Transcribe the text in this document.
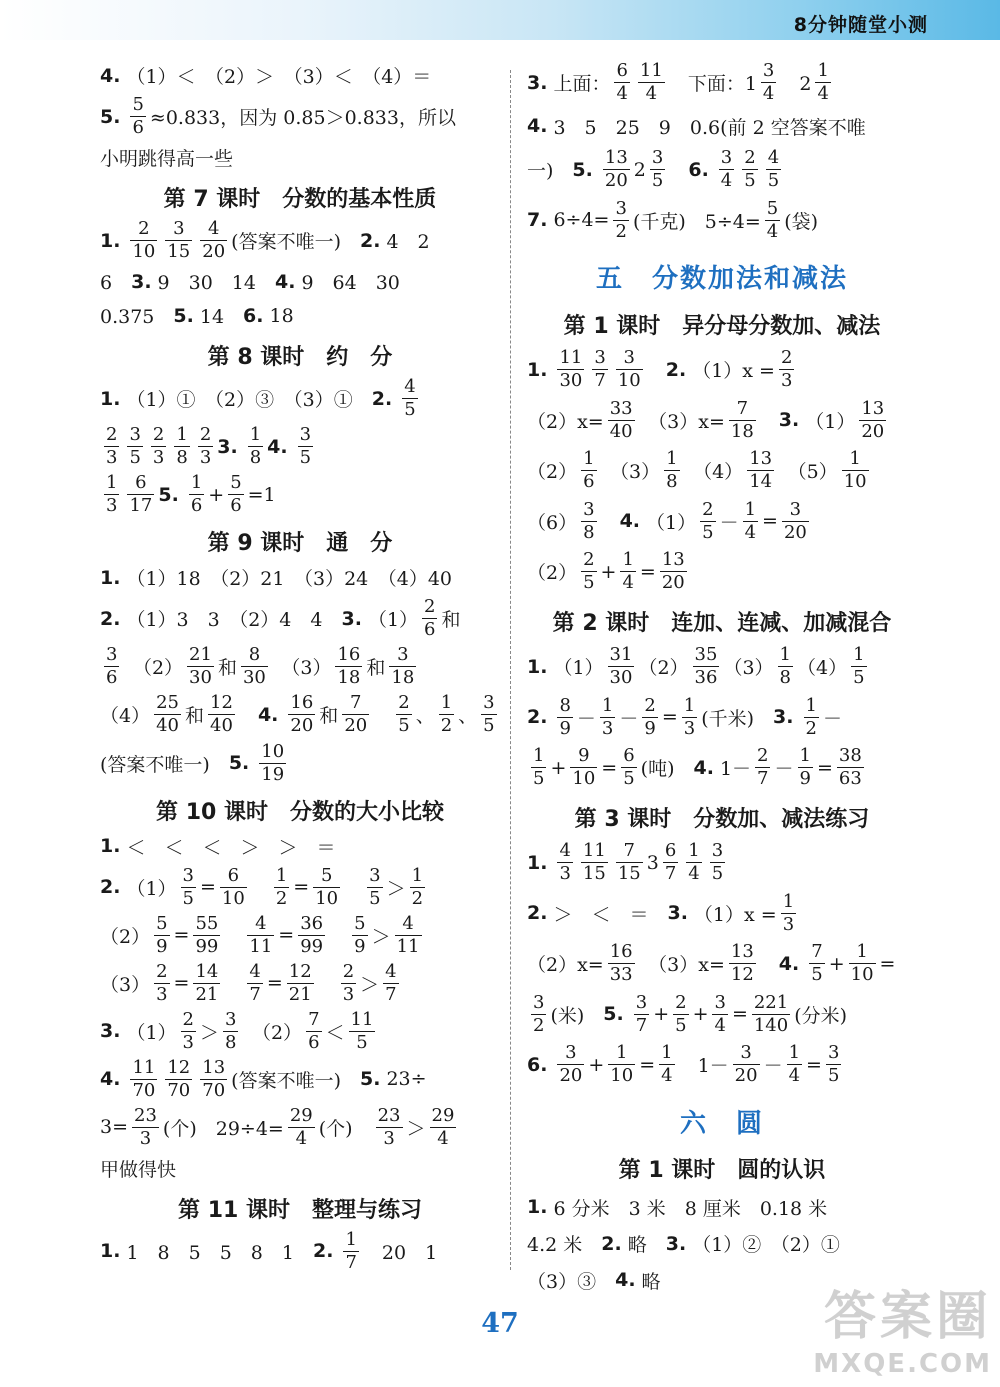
8分钟随堂小测
4. （1）＜　（2）＞　（3）＜　（4）＝
5. $\frac{5}{6} \approx 0.833$，因为 0.85＞0.833，所以
小明跳得高一些
第 7 课时　分数的基本性质
1. $\frac{2}{10} \frac{3}{15} \frac{4}{20}$ (答案不唯一)　 2. 4　2
6　 3. 9　30　14　 4. 9　64　30
0.375　 5. 14　 6. 18
第 8 课时　约　分
1. （1）①　（2）③　（3）①　 2. $\frac{4}{5}$
$\frac{2}{3} \frac{3}{5} \frac{2}{3} \frac{1}{8} \frac{2}{3} 3$. $\frac{1}{8} 4$. $\frac{3}{5}$
$\frac{1}{3} \frac{6}{17} 5$. $\frac{1}{6} + \frac{5}{6} =1$
第 9 课时　通　分
1. （1）18　（2）21　（3）24　（4）40
2. （1）3　3　（2）4　4　 3. $(1) \frac{2}{6}$ 和
$\frac{3}{6}$ 　$(2) \frac{21}{30}$ 和 $\frac{8}{30}$ 　$(3) \frac{16}{18}$ 和 $\frac{3}{18}$
$(4) \frac{25}{40}$ 和 $\frac{12}{40}$
　 4. $\frac{16}{20}$ 和 $\frac{7}{20}$
　 $\frac{2}{5}$ 、 $\frac{1}{2}$ 、 $\frac{3}{5}$
(答案不唯一)　 5. $\frac{10}{19}$
第 10 课时　分数的大小比较
1. ＜　＜　＜　＞　＞　＝
2. $(1) \frac{3}{5} = \frac{6}{10}$
　 $\frac{1}{2} = \frac{5}{10}$
　 $\frac{3}{5} > \frac{1}{2}$
$(2) \frac{5}{9} = \frac{55}{99}$
　 $\frac{4}{11} = \frac{36}{99}$
　 $\frac{5}{9} > \frac{4}{11}$
$(3) \frac{2}{3} = \frac{14}{21}$
　 $\frac{4}{7} = \frac{12}{21}$
　 $\frac{2}{3} > \frac{4}{7}$
3. $(1) \frac{2}{3} > \frac{3}{8}$ 　$(2) \frac{7}{6} < \frac{11}{5}$
4. $\frac{11}{70} \frac{12}{70} \frac{13}{70}$ (答案不唯一)　 5. 23÷
$3= \frac{23}{3}$ (个)　$29\div 4= \frac{29}{4}$ (个)　 $\frac{23}{3} > \frac{29}{4}$
甲做得快
第 11 课时　整理与练习
1. 1　8　5　5　8　1　 2. $\frac{1}{7}$ 　20　1
3. 上面： $\frac{6}{4} \frac{11}{4}$ 　下面：$1 \frac{3}{4}$ 　$2 \frac{1}{4}$
4. 3　5　25　9　0.6(前 2 空答案不唯
一)　 5. $\frac{13}{20} 2 \frac{3}{5}$
　 6. $\frac{3}{4} \frac{2}{5} \frac{4}{5}$
7. $6\div 4= \frac{3}{2}$ (千克)　$5\div 4= \frac{5}{4}$ (袋)
五　分数加法和减法
第 1 课时　异分母分数加、减法
1. $\frac{11}{30} \frac{3}{7} \frac{3}{10}$
　 2. $(1)x = \frac{2}{3}$
$(2)x= \frac{33}{40}$ 　$(3)x= \frac{7}{18}$
　 3. $(1) \frac{13}{20}$
$(2) \frac{1}{6}$ 　$(3) \frac{1}{8}$ 　$(4) \frac{13}{14}$ 　$(5) \frac{1}{10}$
$(6) \frac{3}{8}$
　 4. $(1) \frac{2}{5} - \frac{1}{4} = \frac{3}{20}$
$(2) \frac{2}{5} + \frac{1}{4} = \frac{13}{20}$
第 2 课时　连加、连减、加减混合
1. $(1) \frac{31}{30} (2) \frac{35}{36} (3) \frac{1}{8} (4) \frac{1}{5}$
2. $\frac{8}{9} - \frac{1}{3} - \frac{2}{9} = \frac{1}{3}$ (千米)　 3. $\frac{1}{2}$ －
$\frac{1}{5} + \frac{9}{10} = \frac{6}{5}$ (吨)　 4. $1- \frac{2}{7} - \frac{1}{9} = \frac{38}{63}$
第 3 课时　分数加、减法练习
1. $\frac{4}{3} \frac{11}{15} \frac{7}{15} 3 \frac{6}{7} \frac{1}{4} \frac{3}{5}$
2. ＞　＜　＝　 3. $(1)x = \frac{1}{3}$
$(2)x= \frac{16}{33}$ 　$(3)x= \frac{13}{12}$
　 4. $\frac{7}{5} + \frac{1}{10}$ =
$\frac{3}{2}$ (米)　 5. $\frac{3}{7} + \frac{2}{5} + \frac{3}{4} = \frac{221}{140}$ (分米)
6. $\frac{3}{20} + \frac{1}{10} = \frac{1}{4}$ 　$1- \frac{3}{20} - \frac{1}{4} = \frac{3}{5}$
六　圆
第 1 课时　圆的认识
1. 6 分米　3 米　8 厘米　0.18 米
4.2 米　 2. 略　 3. （1）②　（2）①
（3）③　 4. 略
47	答案圈
MXQE.COM
